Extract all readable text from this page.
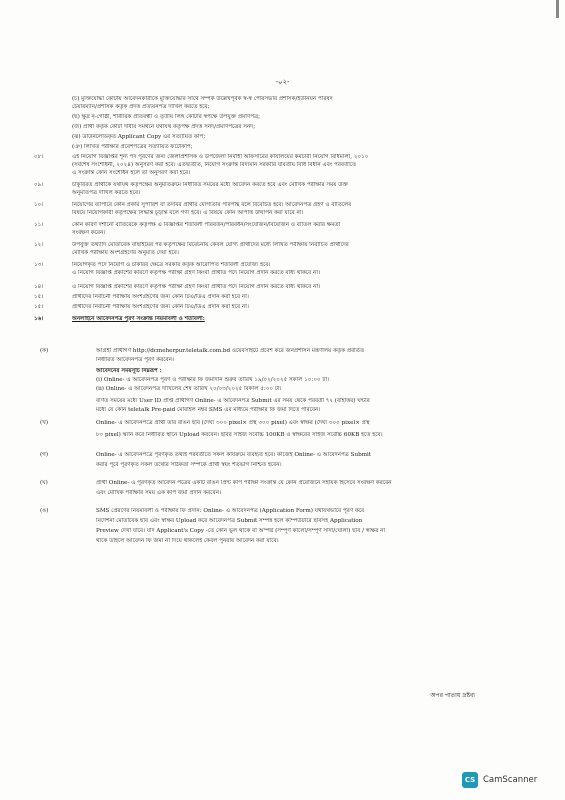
-০২-
(চ) মুক্তিযোদ্ধা কোটায় আবেদনকারীকে মুক্তিযোদ্ধার সাথে সম্পর্ক উল্লেখপূর্বক স্ব-স্ব পৌরসভার প্রশাসক/ইউনিয়ন পরিষদ
চেয়ারম্যান/প্রশাসক কর্তৃক প্রদত্ত প্রত্যয়নপত্র দাখিল করতে হবে;
(ছ) ক্ষুদ্র নৃ-গোষ্ঠী, শারীরিক প্রতিবন্ধী ও তৃতীয় লিঙ্গ কোটার স্বপক্ষে উপযুক্ত প্রমাণপত্র;
(জ) প্রার্থী কর্তৃক কোটা দাবীর সমর্থনে যথাযথ কর্তৃপক্ষ প্রদত্ত সনদ/প্রমাণপত্রের সনদ;
(ঝ) ডাউনলোডকৃত Applicant Copy এর সত্যায়িত কপি;
(ঞ) লিখিত পরীক্ষার প্রবেশপত্রের সত্যায়িত ফটোকপি;
০৮।	এই নিয়োগ বিজ্ঞপ্তির শূন্য পদ পূরণের জন্য জেলাপ্রশাসক ও উপজেলা নির্বাহী অফিসারের কার্যালয়ের কর্মচারী নিয়োগ বিধিমালা, ২০১০
(সর্বশেষ সংশোধনী, ২০২৪) অনুসরণ করা হবে। এতদ্ব্যতীত, নিয়োগ সংক্রান্ত বিদ্যমান সরকারি যাবতীয় বিধি বিধান এবং পরবর্তীতে
এ সংক্রান্ত কোন সংশোধন হলে তা অনুসরণ করা হবে।
০৯।	চাকুরিরত প্রার্থীকে যথাযথ কর্তৃপক্ষের অনুমতিক্রমে নির্ধারিত সময়ের মধ্যে আবেদন করতে হবে এবং মৌখিক পরীক্ষার সময় উক্ত
অনুমতিপত্র দাখিল করতে হবে।
১০।	নিয়োগের ব্যাপারে কোন প্রকার সুপারিশ বা তদবির প্রার্থীর যোগ্যতার পরিপন্থি বলে বিবেচিত হবে। আবেদনপত্র গ্রহণ ও বাতিলের
বিষয়ে নিয়োগকারী কর্তৃপক্ষের সিদ্ধান্ত চূড়ান্ত বলে গণ্য হবে। এ বিষয়ে কোন আপত্তি উত্থাপন করা যাবে না।
১১।	কোন কারণ দর্শানো ব্যতিরেকে কর্তৃপক্ষ এ বিজ্ঞপ্তির শর্তাবলী পরিবর্তন/পরিবর্ধন/সংযোজন/বিয়োজন ও বাতিল করার ক্ষমতা
সংরক্ষণ করেন।
১২।	উপর্যুক্ত তথ্যাদি মোতাবেক বাছাইয়ের পর কর্তৃপক্ষের বিবেচনায় কেবল যোগ্য প্রার্থীদের মধ্যে লিখিত পরীক্ষায় নির্বাচিত প্রার্থীদের
মৌখিক পরীক্ষায় অংশগ্রহণের অনুমতি দেয়া হবে।
১৩।	নিয়োগকৃত পদে নিয়োগ ও চাকরির ক্ষেত্রে সরকার কর্তৃক আরোপিত শর্তাবলী প্রযোজ্য হবে।
এ নিয়োগ বিজ্ঞপ্তি প্রকাশের কারণে কর্তৃপক্ষ পরীক্ষা গ্রহণ কিংবা প্রার্থীত পদে নিয়োগ প্রদান করতে বাধ্য থাকবে না।
১৪।	এ নিয়োগ বিজ্ঞপ্তি প্রকাশের কারণে কর্তৃপক্ষ পরীক্ষা গ্রহণ কিংবা প্রার্থীত পদে নিয়োগ প্রদান করতে বাধ্য থাকবে না।
১৫।	প্রার্থীদের নির্বাচনী পরীক্ষায় অংশগ্রহণের জন্য কোন টিএ/ডিএ প্রদান করা হবে না।
১৫।	প্রার্থীদের নির্বাচনী পরীক্ষায় অংশগ্রহণের জন্য কোন টিএ/ডিএ প্রদান করা হবে না।
১৬।	অনলাইনে আবেদনপত্র পূরণ সংক্রান্ত নিয়মাবলী ও শর্তাবলী:
(ক)	আগ্রহী প্রার্থীগণ http://dcmeherpur.teletalk.com.bd ওয়েবসাইটে প্রবেশ করে জনপ্রশাসন মন্ত্রণালয় কর্তৃক প্রবর্তিত
নির্ধারিত আবেদনপত্র পূরণ করবেন।
আবেদনের সময়সূচি নিম্নরূপ :
(i) Online- এ আবেদনপত্র পূরণ ও পরীক্ষার ফি জমাদান শুরুর তারিখ ১৯/০২/২০২৫ সকাল ১০:০০ টা।
(ii) Online- এ আবেদনপত্র দাখিলের শেষ তারিখ ২০/০৩/২০২৫ বিকাল ৫:০০ টা।
বর্ণিত সময়ের মধ্যে User ID প্রাপ্ত প্রার্থীগণ Online- এ আবেদনপত্র Submit এর সময় থেকে পরবর্তী ৭২ (বাহাত্তর) ঘন্টার
মধ্যে যে কোন teletalk Pre-paid মোবাইল নম্বর SMS এর মাধ্যমে পরীক্ষার ফি জমা দিতে পারবেন।
(খ)	Online- এ আবেদনপত্রে প্রার্থী তার রঙিন ছবি (দৈর্ঘ্য ৩০০ pixel× প্রস্থ ৩০০ pixel) এবং স্বাক্ষর (দৈর্ঘ্য ৩০০ pixel× প্রস্থ
৮০ pixel) স্ক্যান করে নির্ধারিত স্থানে Upload করবেন। ছবির সাইজ সর্বোচ্চ 100KB ও স্বাক্ষরের সাইজ সর্বোচ্চ 60KB হতে হবে।
(গ)	Online- এ আবেদনপত্রে পূরণকৃত তথ্যই পরবর্তীতে সকল কার্যক্রমে ব্যবহৃত হবে। কাজেই Online- এ আবেদনপত্র Submit
করার পূর্বে পূরণকৃত সকল তথ্যের সঠিকতা সম্পর্কে প্রার্থী স্বয়ং শতভাগ নিশ্চিত হবেন।
(ঘ)	প্রার্থী Online- এ পূরণকৃত আবেদন পত্রের একটি রঙিন প্রিন্ট কপি পরীক্ষা সংক্রান্ত যে কোন প্রয়োজনে সহায়ক হিসেবে সংরক্ষণ করবেন
এবং মৌখিক পরীক্ষার সময় এক কপি জমা প্রদান করবেন।
(ঙ)	SMS প্রেরণের নিয়মাবলী ও পরীক্ষার ফি প্রদান: Online- এ আবেদনপত্র (Application Form) যথাযথভাবে পূরণ করে
নির্দেশনা মোতাবেক ছবি এবং স্বাক্ষর Upload করে আবেদনপত্র Submit সম্পন্ন হলে কম্পিউটারে ছবিসহ Application
Preview দেখা যাবে। যদি Applicant's Copy -তে কোন ভুল থাকে বা অস্পষ্ট (সম্পূর্ণ কালো/সম্পূর্ণ সাদা/ঘোলা) ছবি / স্বাক্ষর না
থাকে তাহলে আবেদন ফি জমা না দিয়ে থাকলেই কেবল পুনরায় আবেদন করা যাবে।
অপর পাতায় দ্রষ্টব্য
CS CamScanner
